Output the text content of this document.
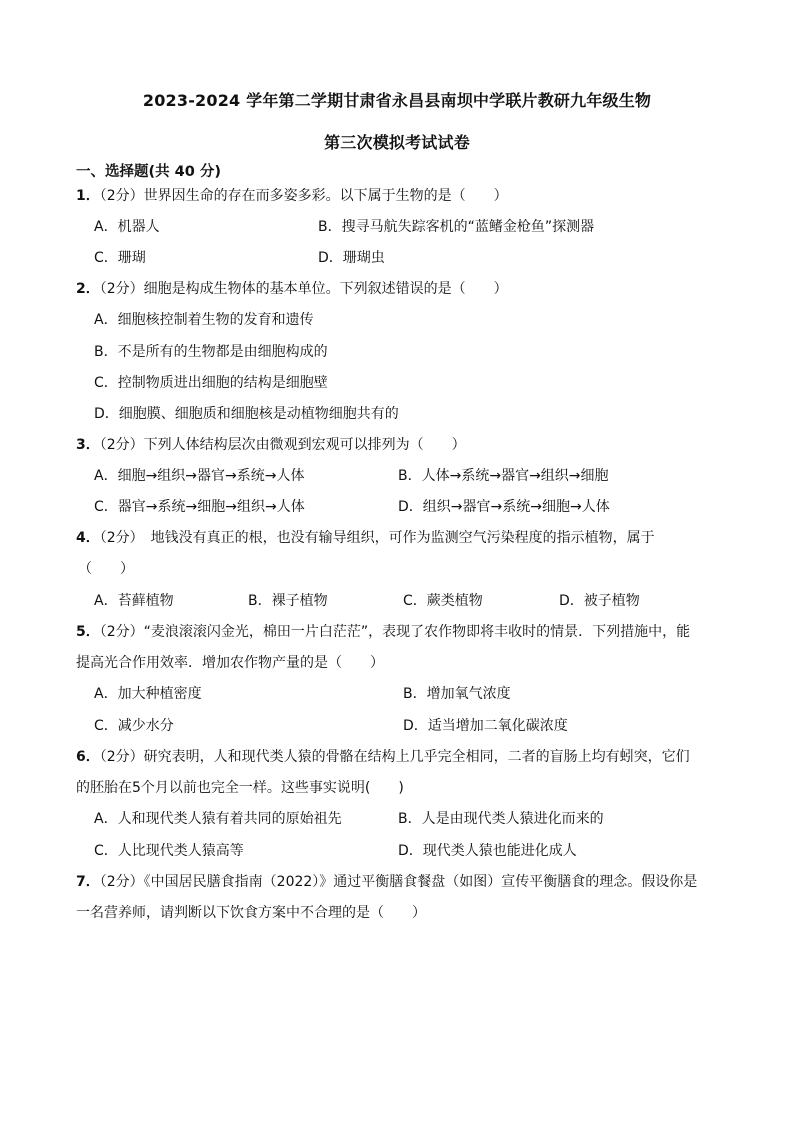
2023-2024 学年第二学期甘肃省永昌县南坝中学联片教研九年级生物
第三次模拟考试试卷
一、选择题(共 40 分)
1．（2分）世界因生命的存在而多姿多彩。以下属于生物的是（　　）
A．机器人	B．搜寻马航失踪客机的“蓝鳍金枪鱼”探测器
C．珊瑚	D．珊瑚虫
2．（2分）细胞是构成生物体的基本单位。下列叙述错误的是（　　）
A．细胞核控制着生物的发育和遗传
B．不是所有的生物都是由细胞构成的
C．控制物质进出细胞的结构是细胞壁
D．细胞膜、细胞质和细胞核是动植物细胞共有的
3．（2分）下列人体结构层次由微观到宏观可以排列为（　　）
A．细胞→组织→器官→系统→人体	B．人体→系统→器官→组织→细胞
C．器官→系统→细胞→组织→人体	D．组织→器官→系统→细胞→人体
4．（2分）　地钱没有真正的根，也没有输导组织，可作为监测空气污染程度的指示植物，属于
（　　）
A．苔藓植物	B．裸子植物	C．蕨类植物	D．被子植物
5．（2分）“麦浪滚滚闪金光，棉田一片白茫茫”，表现了农作物即将丰收时的情景．下列措施中，能
提高光合作用效率．增加农作物产量的是（　　）
A．加大种植密度	B．增加氧气浓度
C．减少水分	D．适当增加二氧化碳浓度
6．（2分）研究表明，人和现代类人猿的骨骼在结构上几乎完全相同，二者的盲肠上均有蚓突，它们
的胚胎在5个月以前也完全一样。这些事实说明(　　)
A．人和现代类人猿有着共同的原始祖先	B．人是由现代类人猿进化而来的
C．人比现代类人猿高等	D．现代类人猿也能进化成人
7．（2分）《中国居民膳食指南（2022）》通过平衡膳食餐盘（如图）宣传平衡膳食的理念。假设你是
一名营养师，请判断以下饮食方案中不合理的是（　　）
